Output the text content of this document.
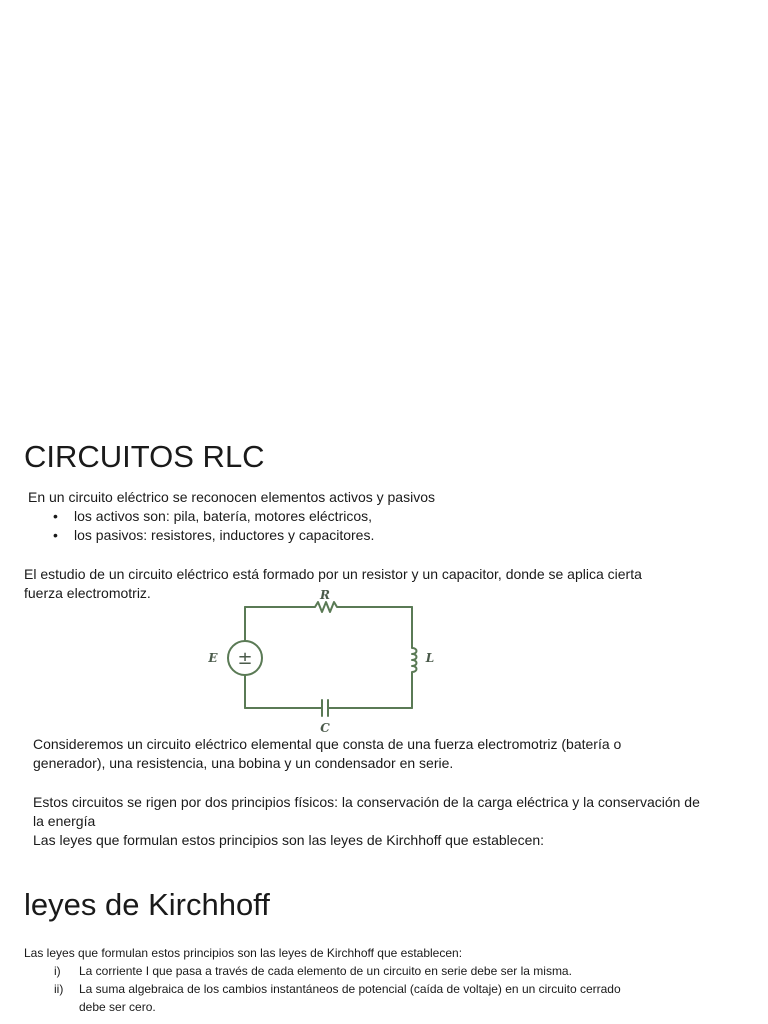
CIRCUITOS RLC
En un circuito eléctrico se reconocen elementos activos y pasivos
• los activos son: pila, batería, motores eléctricos,
• los pasivos: resistores, inductores y capacitores.
El estudio de un circuito eléctrico está formado por un resistor y un capacitor, donde se aplica cierta
fuerza electromotriz.
±
R
L
C
E
Consideremos un circuito eléctrico elemental que consta de una fuerza electromotriz (batería o
generador), una resistencia, una bobina y un condensador en serie.
Estos circuitos se rigen por dos principios físicos: la conservación de la carga eléctrica y la conservación de
la energía
Las leyes que formulan estos principios son las leyes de Kirchhoff que establecen:
leyes de Kirchhoff
Las leyes que formulan estos principios son las leyes de Kirchhoff que establecen:
i) La corriente I que pasa a través de cada elemento de un circuito en serie debe ser la misma.
ii) La suma algebraica de los cambios instantáneos de potencial (caída de voltaje) en un circuito cerrado
debe ser cero.
